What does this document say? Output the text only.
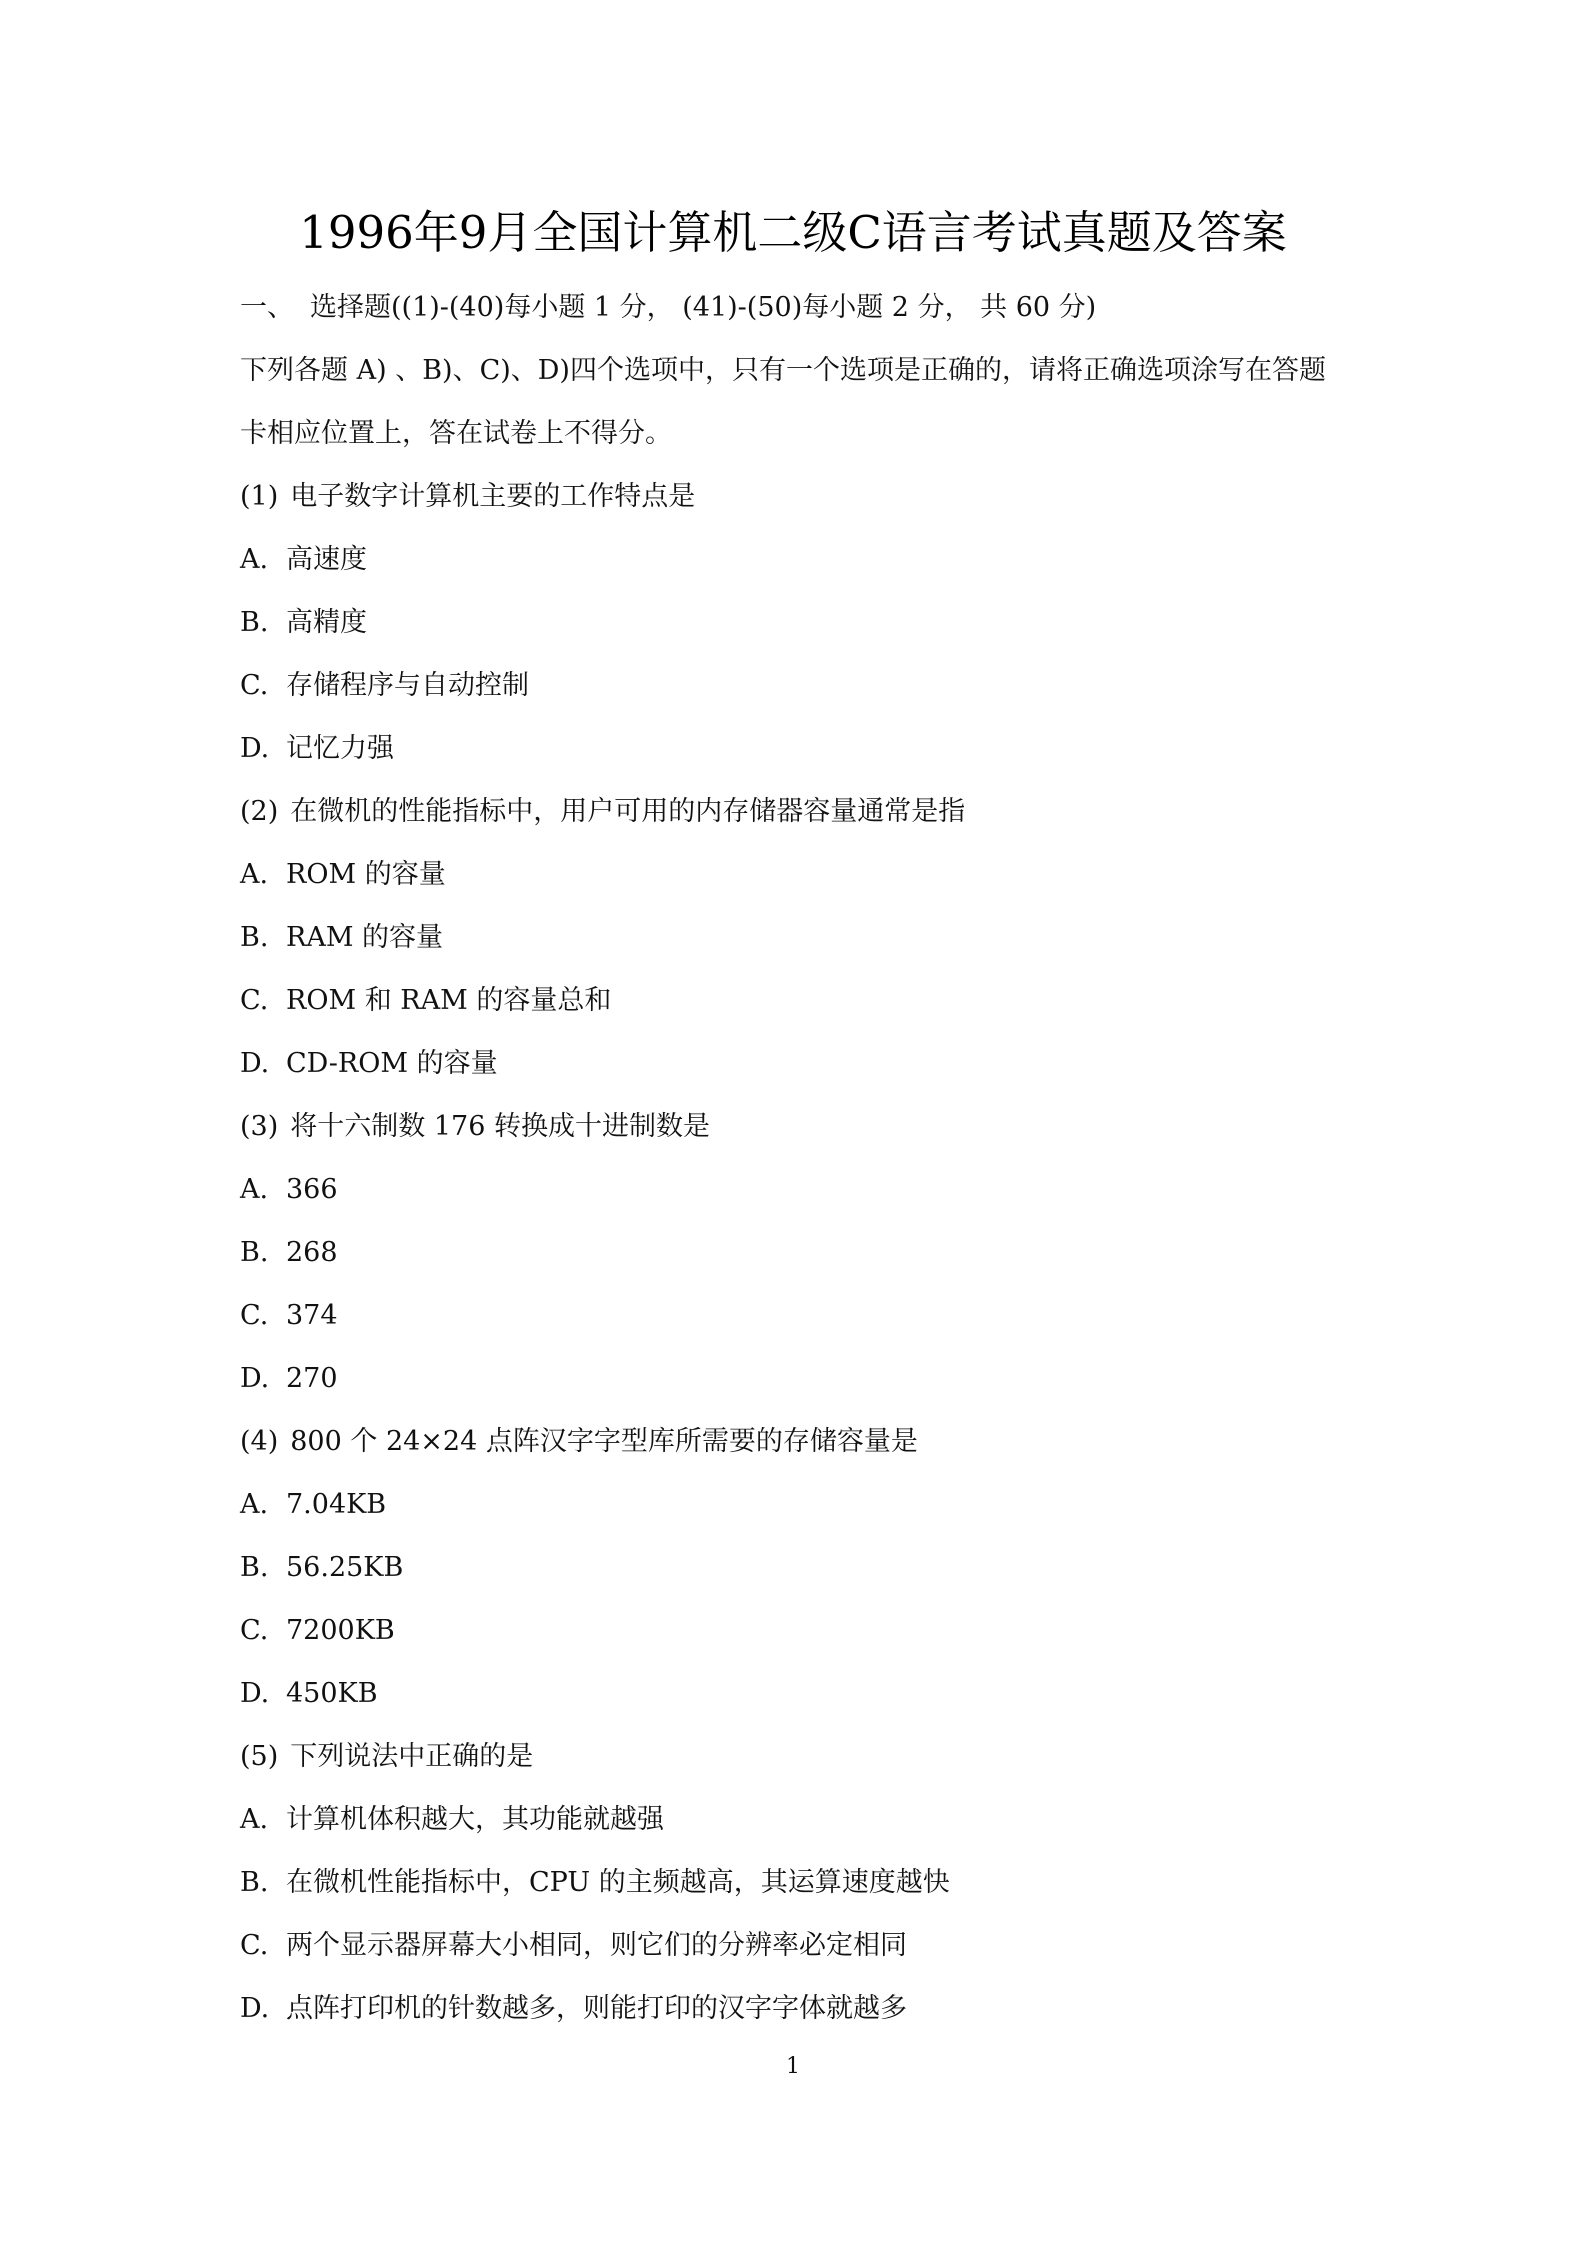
1996年9月全国计算机二级C语言考试真题及答案
一、 选择题((1)-(40)每小题 1 分， (41)-(50)每小题 2 分， 共 60 分)
下列各题 A) 、B)、C)、D)四个选项中，只有一个选项是正确的，请将正确选项涂写在答题
卡相应位置上，答在试卷上不得分。
(1) 电子数字计算机主要的工作特点是
A. 高速度
B. 高精度
C. 存储程序与自动控制
D. 记忆力强
(2) 在微机的性能指标中，用户可用的内存储器容量通常是指
A. ROM 的容量
B. RAM 的容量
C. ROM 和 RAM 的容量总和
D. CD-ROM 的容量
(3) 将十六制数 176 转换成十进制数是
A. 366
B. 268
C. 374
D. 270
(4) 800 个 24×24 点阵汉字字型库所需要的存储容量是
A. 7.04KB
B. 56.25KB
C. 7200KB
D. 450KB
(5) 下列说法中正确的是
A. 计算机体积越大，其功能就越强
B. 在微机性能指标中，CPU 的主频越高，其运算速度越快
C. 两个显示器屏幕大小相同，则它们的分辨率必定相同
D. 点阵打印机的针数越多，则能打印的汉字字体就越多
1
